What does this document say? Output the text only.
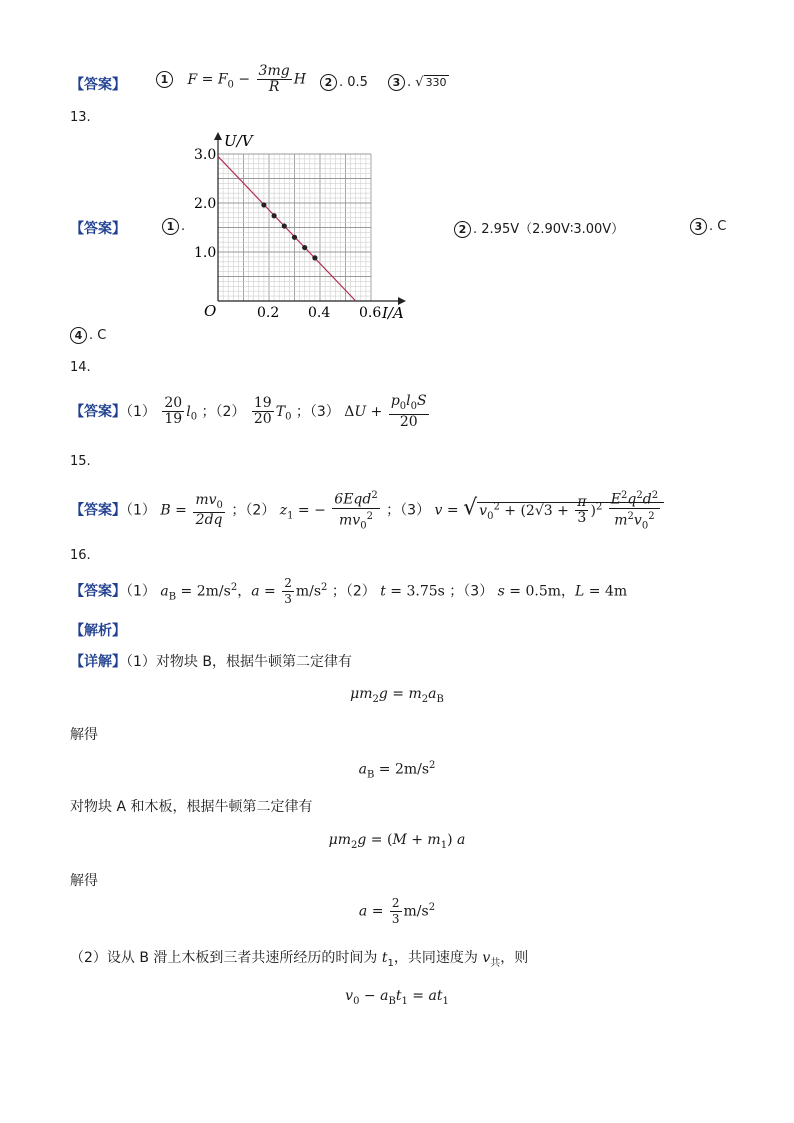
【答案】	1 $F = F_0 - \frac{3mg}{R}$ H	2 . 0.5	3 . √ 330
13.
【答案】	1 .
U/V
I/A
O
1.0
2.0
3.0
0.2 0.4 0.6
2 . 2.95V（2.90V∶3.00V）	3 . C
4 . C
14.
【答案】$(1) \frac{20}{19} l_0$ ；$(2) \frac{19}{20} T_0$ ；（3） $\Delta U + \frac{p_0l_0S}{20}$
15.
【答案】（1） $B = \frac{mv_0}{2dq}$ ；（2） $z_1$ = − $\frac{6Eqd^2}{mv_0^2}$ ；（3） v = √ $v_0^2 + (2√3 + \frac{\pi}{3} )^2 \frac{E^2q^2d^2}{m^2v_0^2}$
16.
【答案】（1） $a_B = 2m/s^2$，$a = \frac{2}{3} m/s^2$ ；（2） t = 3.75s ；（3） s = 0.5m，L = 4m
【解析】
【详解】（1）对物块 B，根据牛顿第二定律有
$\mu m_2g = m_2a_B$
解得
$a_B = 2m/s^2$
对物块 A 和木板，根据牛顿第二定律有
$\mu m_2g = (M + m_1)$ a
解得
$a = \frac{2}{3} m/s^2$
（2）设从 B 滑上木板到三者共速所经历的时间为 $t_1$，共同速度为 $v_共$，则
$v_0 - a_Bt_1 = at_1$
